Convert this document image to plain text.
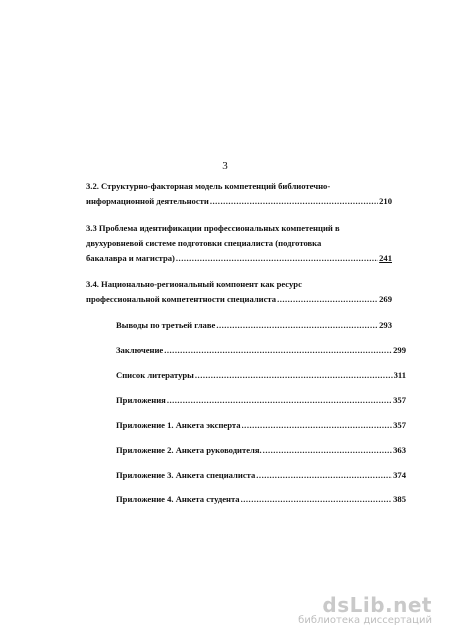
3
3.2. Структурно-факторная модель компетенций библиотечно-
информационной деятельности .....	210
3.3 Проблема идентификации профессиональных компетенций в
двухуровневой системе подготовки специалиста (подготовка
бакалавра и магистра) .....	241
3.4. Национально-региональный компонент как ресурс
профессиональной компетентности специалиста .....	269
Выводы по третьей главе .....	293
Заключение .....	299
Список литературы .....	311
Приложения .....	357
Приложение 1. Анкета эксперта .....	357
Приложение 2. Анкета руководителя. .....	363
Приложение 3. Анкета специалиста .....	374
Приложение 4. Анкета студента .....	385
dsLib.net
библиотека диссертаций
